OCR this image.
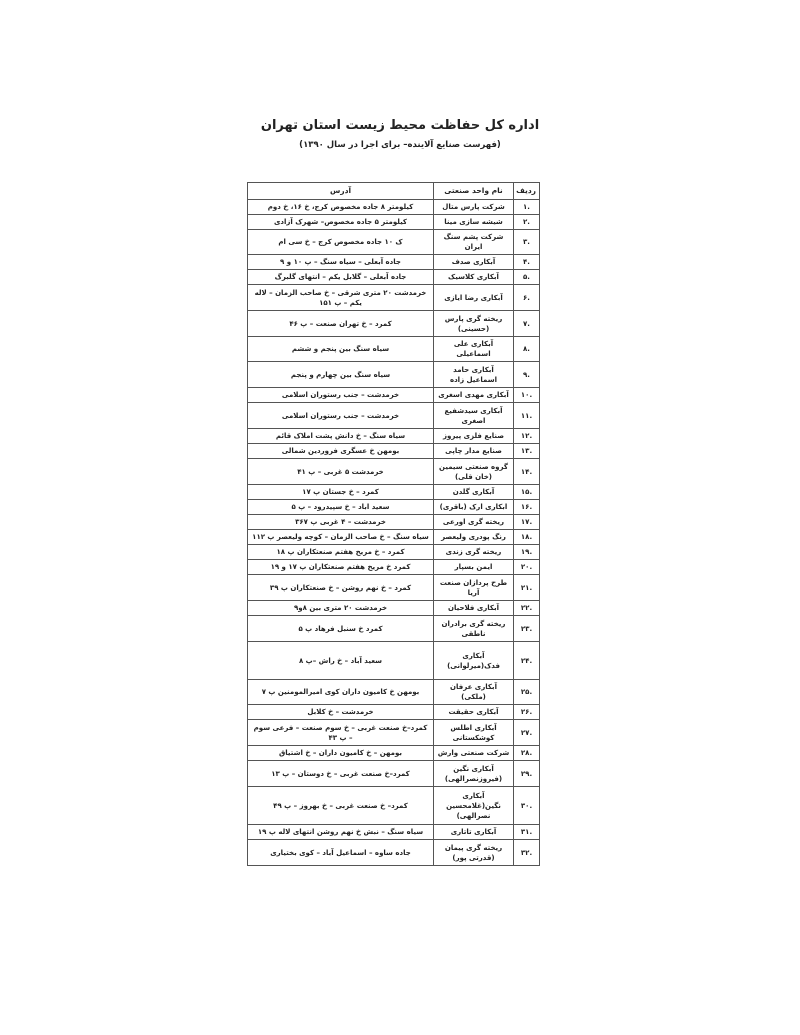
اداره کل حفاظت محیط زیست استان تهران
(فهرست صنایع آلاینده– برای اجرا در سال ۱۳۹۰)
ردیف	نام واحد صنعتی	آدرس
.۱	شرکت پارس متال	کیلومتر ۸ جاده مخصوص کرج، خ ۱۶، خ دوم
.۲	شیشه سازی مینا	کیلومتر ۵ جاده مخصوص– شهرک آزادی
.۳	شرکت پشم سنگ ایران	ک ۱۰ جاده مخصوص کرج – خ سی ام
.۴	آبکاری صدف	جاده آبعلی – سیاه سنگ – پ ۱۰ و ۹
.۵	آبکاری کلاسیک	جاده آبعلی – گلابل یکم – انتهای گلبرگ
.۶	آبکاری رضا ایازی	خرمدشت ۲۰ متری شرقی – خ صاحب الزمان – لاله یکم – پ ۱۵۱
.۷	ریخته گری پارس (حسینی)	کمرد – خ تهران صنعت – پ ۴۶
.۸	آبکاری علی اسماعیلی	سیاه سنگ بین پنجم و ششم
.۹	آبکاری حامد اسماعیل زاده	سیاه سنگ بین چهارم و پنجم
.۱۰	آبکاری مهدی اسغری	خرمدشت – جنب رستوران اسلامی
.۱۱	آبکاری سیدشفیع اصغری	خرمدشت – جنب رستوران اسلامی
.۱۲	صنایع فلزی پیروز	سیاه سنگ – خ دانش پشت املاک قائم
.۱۳	صنایع مدار چاپی	بومهن خ عسگری فروردین شمالی
.۱۴	گروه صنعتی سیمین (خان قلی)	خرمدشت ۵ غربی – پ ۴۱
.۱۵	آبکاری گلدن	کمرد – خ جستان پ ۱۷
.۱۶	ابکاری ارک (باقری)	سعید اباد – خ سپیدرود – پ ۵
.۱۷	ریخته گری اورعی	خرمدشت – ۴ غربی پ ۳۶۷
.۱۸	رنگ پودری ولیعصر	سیاه سنگ – خ صاحب الزمان – کوچه ولیعصر پ ۱۱۲
.۱۹	ریخته گری زندی	کمرد – خ مریخ هفتم صنعتکاران پ ۱۸
.۲۰	ایمن بسپار	کمرد خ مریخ هفتم صنعتکاران پ ۱۷ و ۱۹
.۲۱	طرح پردازان صنعت آریا	کمرد – خ نهم روشن – خ صنعتکاران پ ۳۹
.۲۲	آبکاری فلاحیان	خرمدشت ۲۰ متری بین ۸و۹
.۲۳	ریخته گری برادران ناطقی	کمرد خ سنبل فرهاد پ ۵
.۲۴	آبکاری فدک(میرلوانی)	سعید آباد – خ راش –پ ۸
.۲۵	آبکاری عرفان (ملکی)	بومهن خ کامیون داران کوی امیرالمومنین پ ۷
.۲۶	آبکاری حقیقت	خرمدشت – خ کلابل
.۲۷	آبکاری اطلس کوشکستانی	کمرد–خ صنعت غربی – خ سوم صنعت – فرعی سوم – پ ۴۳
.۲۸	شرکت صنعتی وارش	بومهن – خ کامیون داران – خ اشتیاق
.۲۹	آبکاری نگین (فیروزنصرالهی)	کمرد–خ صنعت غربی – خ دوستان – پ ۱۳
.۳۰	آبکاری نگین(غلامحسین نصرالهی)	کمرد– خ صنعت غربی – خ بهروز – پ ۴۹
.۳۱	آبکاری تاتاری	سیاه سنگ – نبش خ نهم روشن انتهای لاله پ ۱۹
.۳۲	ریخته گری پیمان (قدرتی پور)	جاده ساوه – اسماعیل آباد – کوی بختیاری
